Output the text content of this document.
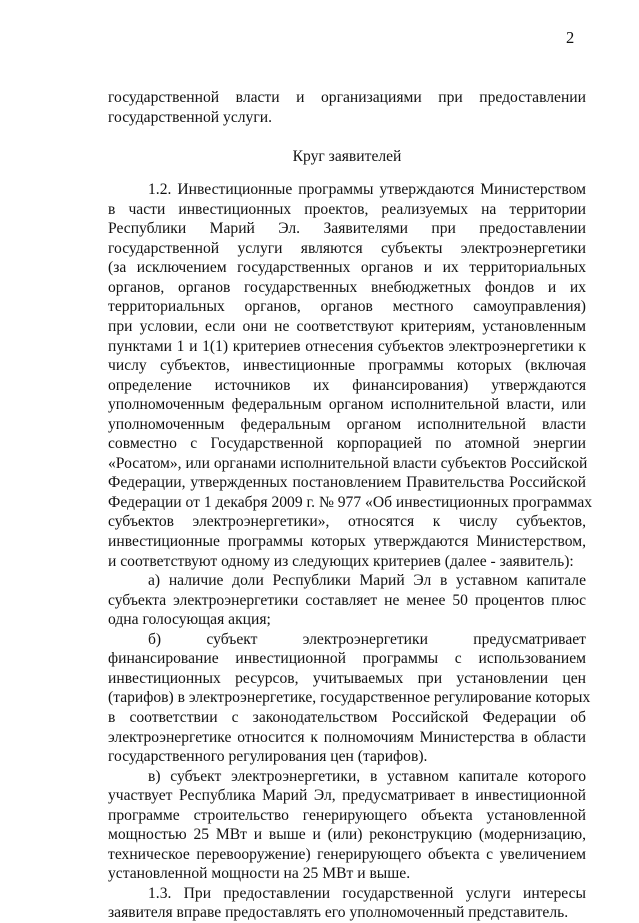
2
государственной власти и организациями при предоставлении
государственной услуги.
Круг заявителей
1.2. Инвестиционные программы утверждаются Министерством
в части инвестиционных проектов, реализуемых на территории
Республики Марий Эл. Заявителями при предоставлении
государственной услуги являются субъекты электроэнергетики
(за исключением государственных органов и их территориальных
органов, органов государственных внебюджетных фондов и их
территориальных органов, органов местного самоуправления)
при условии, если они не соответствуют критериям, установленным
пунктами 1 и 1(1) критериев отнесения субъектов электроэнергетики к
числу субъектов, инвестиционные программы которых (включая
определение источников их финансирования) утверждаются
уполномоченным федеральным органом исполнительной власти, или
уполномоченным федеральным органом исполнительной власти
совместно с Государственной корпорацией по атомной энергии
«Росатом», или органами исполнительной власти субъектов Российской
Федерации, утвержденных постановлением Правительства Российской
Федерации от 1 декабря 2009 г. № 977 «Об инвестиционных программах
субъектов электроэнергетики», относятся к числу субъектов,
инвестиционные программы которых утверждаются Министерством,
и соответствуют одному из следующих критериев (далее - заявитель):
а) наличие доли Республики Марий Эл в уставном капитале
субъекта электроэнергетики составляет не менее 50 процентов плюс
одна голосующая акция;
б) субъект электроэнергетики предусматривает
финансирование инвестиционной программы с использованием
инвестиционных ресурсов, учитываемых при установлении цен
(тарифов) в электроэнергетике, государственное регулирование которых
в соответствии с законодательством Российской Федерации об
электроэнергетике относится к полномочиям Министерства в области
государственного регулирования цен (тарифов).
в) субъект электроэнергетики, в уставном капитале которого
участвует Республика Марий Эл, предусматривает в инвестиционной
программе строительство генерирующего объекта установленной
мощностью 25 МВт и выше и (или) реконструкцию (модернизацию,
техническое перевооружение) генерирующего объекта с увеличением
установленной мощности на 25 МВт и выше.
1.3. При предоставлении государственной услуги интересы
заявителя вправе предоставлять его уполномоченный представитель.
